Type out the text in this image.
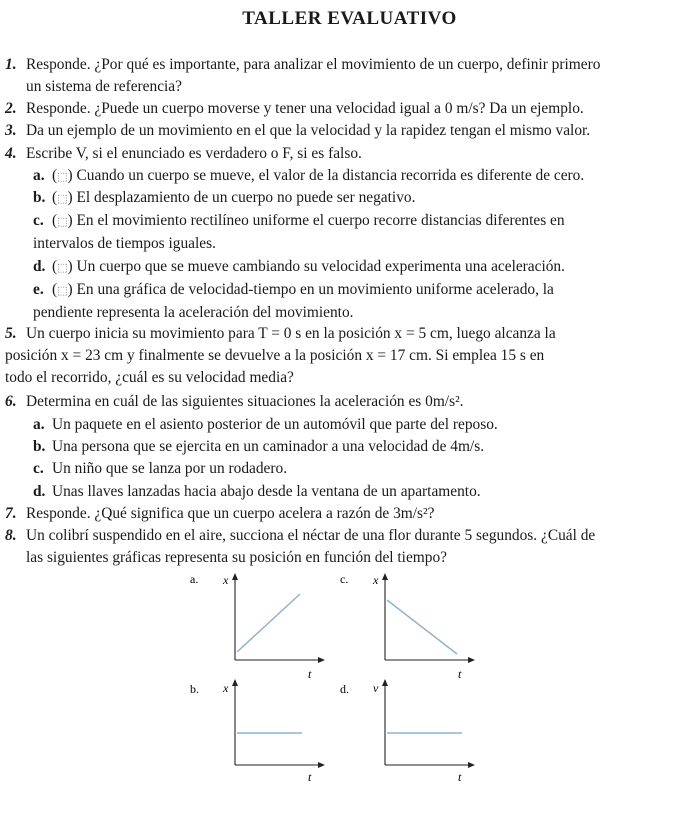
TALLER EVALUATIVO
1. Responde. ¿Por qué es importante, para analizar el movimiento de un cuerpo, definir primero
un sistema de referencia?
2. Responde. ¿Puede un cuerpo moverse y tener una velocidad igual a 0 m/s? Da un ejemplo.
3. Da un ejemplo de un movimiento en el que la velocidad y la rapidez tengan el mismo valor.
4. Escribe V, si el enunciado es verdadero o F, si es falso.
a. (⬚) Cuando un cuerpo se mueve, el valor de la distancia recorrida es diferente de cero.
b. (⬚) El desplazamiento de un cuerpo no puede ser negativo.
c. (⬚) En el movimiento rectilíneo uniforme el cuerpo recorre distancias diferentes en
intervalos de tiempos iguales.
d. (⬚) Un cuerpo que se mueve cambiando su velocidad experimenta una aceleración.
e. (⬚) En una gráfica de velocidad-tiempo en un movimiento uniforme acelerado, la
pendiente representa la aceleración del movimiento.
5. Un cuerpo inicia su movimiento para T = 0 s en la posición x = 5 cm, luego alcanza la
posición x = 23 cm y finalmente se devuelve a la posición x = 17 cm. Si emplea 15 s en
todo el recorrido, ¿cuál es su velocidad media?
6. Determina en cuál de las siguientes situaciones la aceleración es 0m/s².
a. Un paquete en el asiento posterior de un automóvil que parte del reposo.
b. Una persona que se ejercita en un caminador a una velocidad de 4m/s.
c. Un niño que se lanza por un rodadero.
d. Unas llaves lanzadas hacia abajo desde la ventana de un apartamento.
7. Responde. ¿Qué significa que un cuerpo acelera a razón de 3m/s²?
8. Un colibrí suspendido en el aire, succiona el néctar de una flor durante 5 segundos. ¿Cuál de
las siguientes gráficas representa su posición en función del tiempo?
a. x
t
b. x
t
c. x
t
d. v
t
